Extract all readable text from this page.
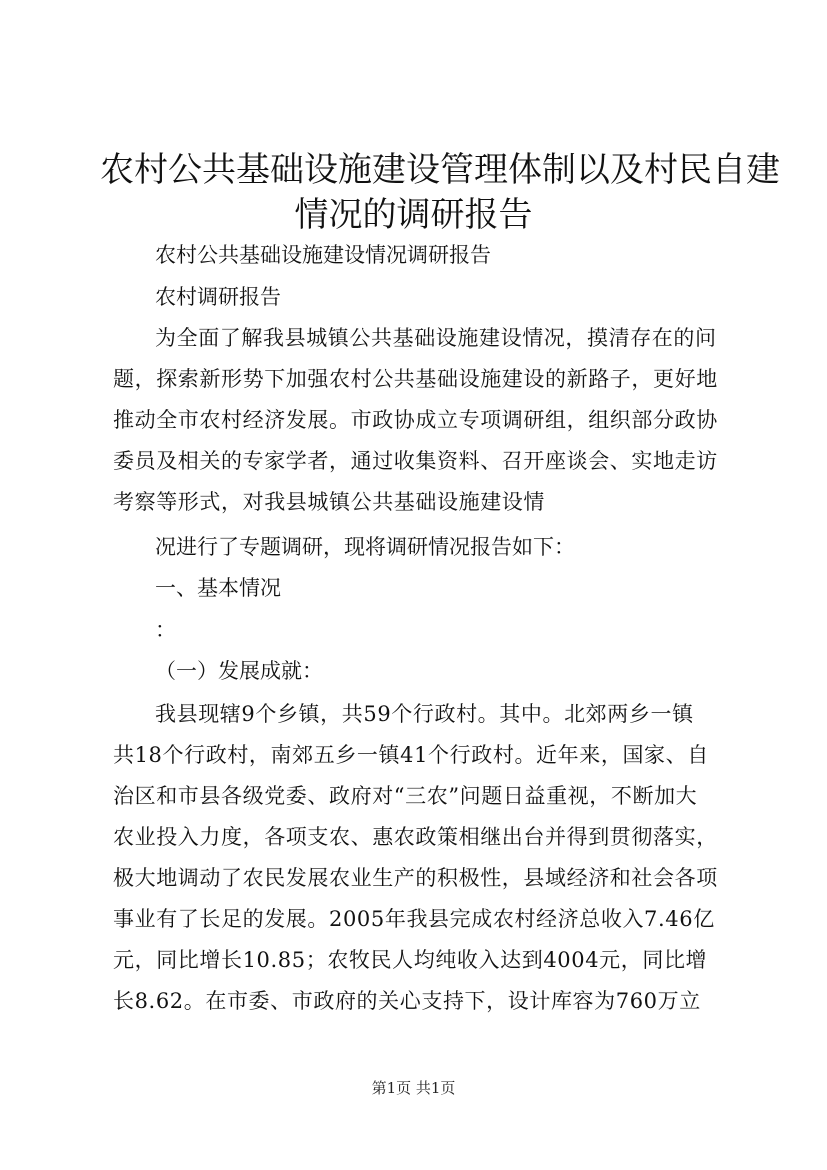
农村公共基础设施建设管理体制以及村民自建
情况的调研报告

农村公共基础设施建设情况调研报告

农村调研报告

为全面了解我县城镇公共基础设施建设情况，摸清存在的问

题，探索新形势下加强农村公共基础设施建设的新路子，更好地

推动全市农村经济发展。市政协成立专项调研组，组织部分政协

委员及相关的专家学者，通过收集资料、召开座谈会、实地走访

考察等形式，对我县城镇公共基础设施建设情

况进行了专题调研，现将调研情况报告如下：

一、基本情况

：

（一）发展成就：

我县现辖9个乡镇，共59个行政村。其中。北郊两乡一镇

共18个行政村，南郊五乡一镇41个行政村。近年来，国家、自

治区和市县各级党委、政府对“三农”问题日益重视，不断加大

农业投入力度，各项支农、惠农政策相继出台并得到贯彻落实，

极大地调动了农民发展农业生产的积极性，县域经济和社会各项

事业有了长足的发展。2005年我县完成农村经济总收入7.46亿

元，同比增长10.85；农牧民人均纯收入达到4004元，同比增

长8.62。在市委、市政府的关心支持下，设计库容为760万立

第1页 共1页
